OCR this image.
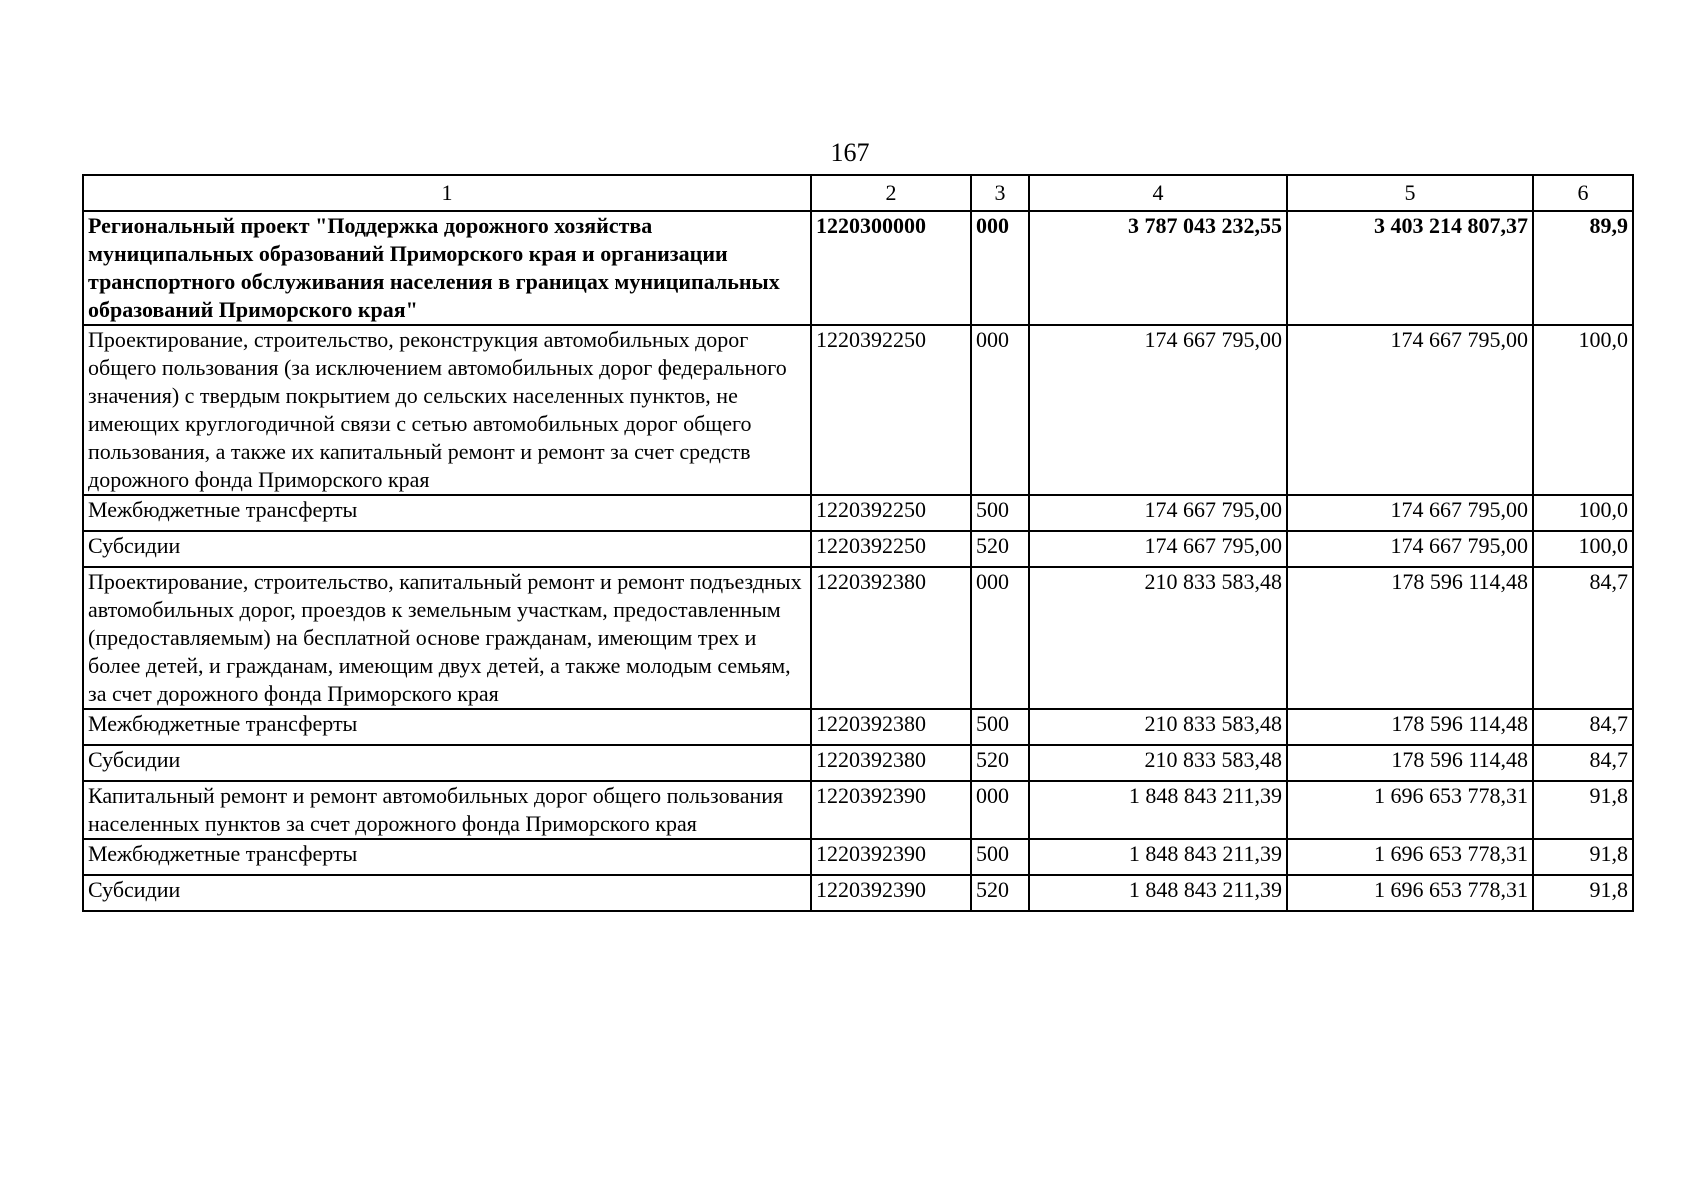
167
1	2	3	4	5	6
Региональный проект "Поддержка дорожного хозяйства муниципальных образований Приморского края и организации транспортного обслуживания населения в границах муниципальных образований Приморского края"	1220300000	000	3 787 043 232,55	3 403 214 807,37	89,9
Проектирование, строительство, реконструкция автомобильных дорог общего пользования (за исключением автомобильных дорог федерального значения) с твердым покрытием до сельских населенных пунктов, не имеющих круглогодичной связи с сетью автомобильных дорог общего пользования, а также их капитальный ремонт и ремонт за счет средств дорожного фонда Приморского края	1220392250	000	174 667 795,00	174 667 795,00	100,0
Межбюджетные трансферты	1220392250	500	174 667 795,00	174 667 795,00	100,0
Субсидии	1220392250	520	174 667 795,00	174 667 795,00	100,0
Проектирование, строительство, капитальный ремонт и ремонт подъездных автомобильных дорог, проездов к земельным участкам, предоставленным (предоставляемым) на бесплатной основе гражданам, имеющим трех и более детей, и гражданам, имеющим двух детей, а также молодым семьям, за счет дорожного фонда Приморского края	1220392380	000	210 833 583,48	178 596 114,48	84,7
Межбюджетные трансферты	1220392380	500	210 833 583,48	178 596 114,48	84,7
Субсидии	1220392380	520	210 833 583,48	178 596 114,48	84,7
Капитальный ремонт и ремонт автомобильных дорог общего пользования населенных пунктов за счет дорожного фонда Приморского края	1220392390	000	1 848 843 211,39	1 696 653 778,31	91,8
Межбюджетные трансферты	1220392390	500	1 848 843 211,39	1 696 653 778,31	91,8
Субсидии	1220392390	520	1 848 843 211,39	1 696 653 778,31	91,8
